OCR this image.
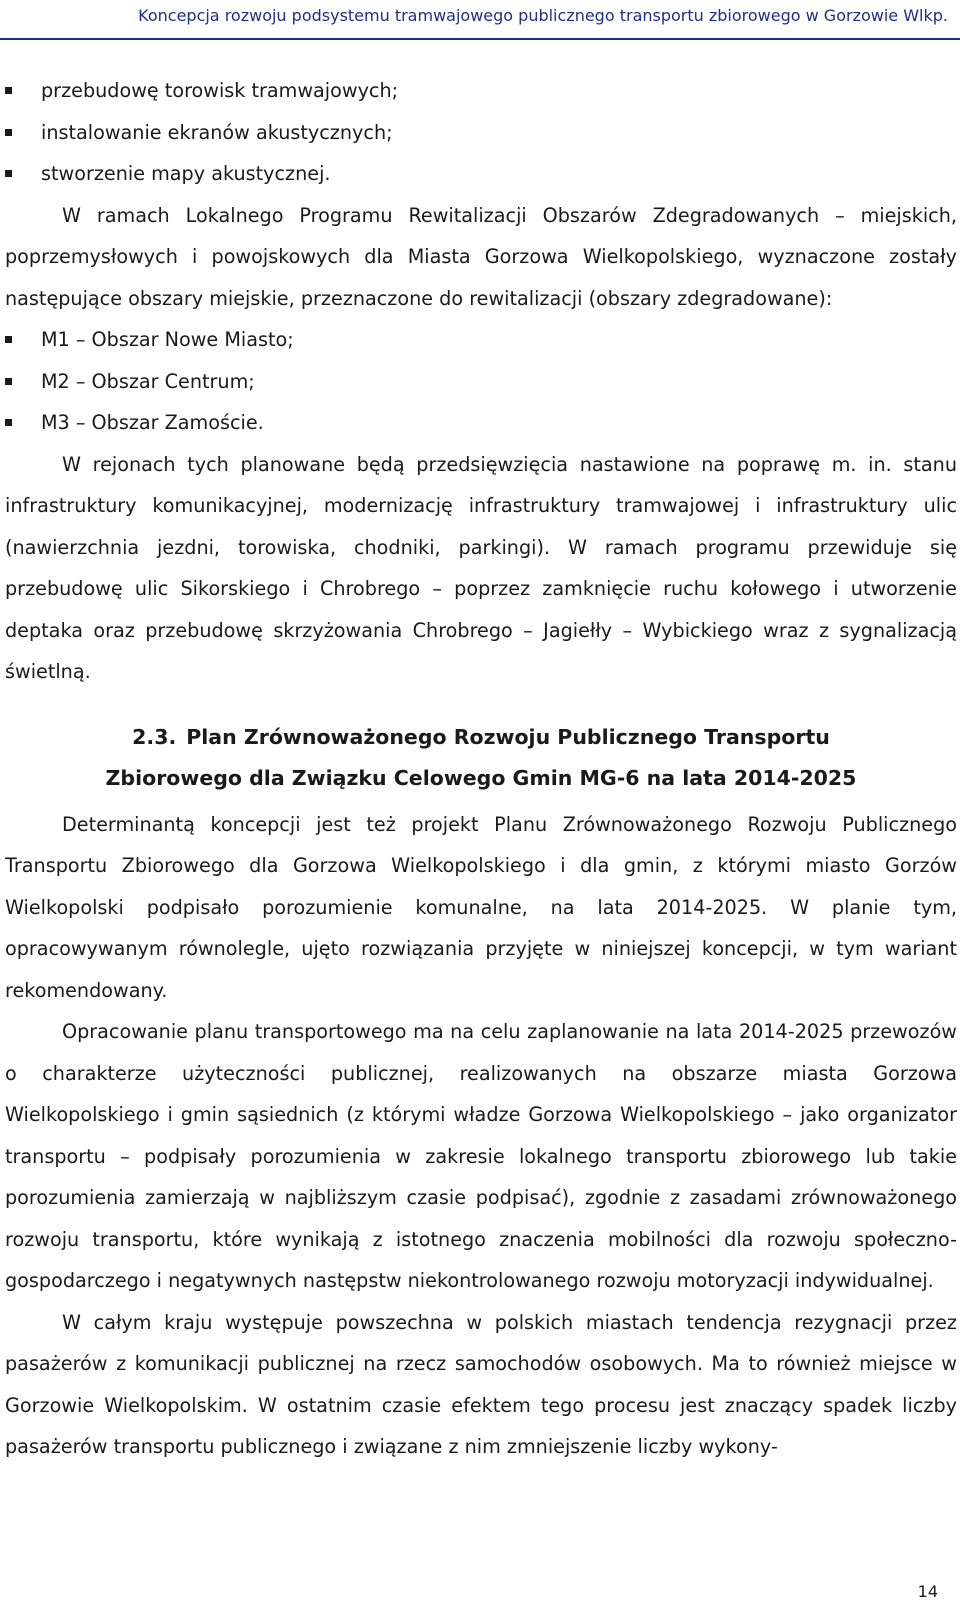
Koncepcja rozwoju podsystemu tramwajowego publicznego transportu zbiorowego w Gorzowie Wlkp.
przebudowę torowisk tramwajowych;
instalowanie ekranów akustycznych;
stworzenie mapy akustycznej.

W ramach Lokalnego Programu Rewitalizacji Obszarów Zdegradowanych – miejskich, poprzemysłowych i powojskowych dla Miasta Gorzowa Wielkopolskiego, wyznaczone zostały następujące obszary miejskie, przeznaczone do rewitalizacji (obszary zdegradowane):

M1 – Obszar Nowe Miasto;
M2 – Obszar Centrum;
M3 – Obszar Zamoście.

W rejonach tych planowane będą przedsięwzięcia nastawione na poprawę m. in. stanu infrastruktury komunikacyjnej, modernizację infrastruktury tramwajowej i infrastruktury ulic (nawierzchnia jezdni, torowiska, chodniki, parkingi). W ramach programu przewiduje się przebudowę ulic Sikorskiego i Chrobrego – poprzez zamknięcie ruchu kołowego i utworzenie deptaka oraz przebudowę skrzyżowania Chrobrego – Jagiełły – Wybickiego wraz z sygnalizacją świetlną.

2.3. Plan Zrównoważonego Rozwoju Publicznego Transportu
Zbiorowego dla Związku Celowego Gmin MG-6 na lata 2014-2025

Determinantą koncepcji jest też projekt Planu Zrównoważonego Rozwoju Publicznego Transportu Zbiorowego dla Gorzowa Wielkopolskiego i dla gmin, z którymi miasto Gorzów Wielkopolski podpisało porozumienie komunalne, na lata 2014-2025. W planie tym, opracowywanym równolegle, ujęto rozwiązania przyjęte w niniejszej koncepcji, w tym wariant rekomendowany.

Opracowanie planu transportowego ma na celu zaplanowanie na lata 2014-2025 przewozów o charakterze użyteczności publicznej, realizowanych na obszarze miasta Gorzowa Wielkopolskiego i gmin sąsiednich (z którymi władze Gorzowa Wielkopolskiego – jako organizator transportu – podpisały porozumienia w zakresie lokalnego transportu zbiorowego lub takie porozumienia zamierzają w najbliższym czasie podpisać), zgodnie z zasadami zrównoważonego rozwoju transportu, które wynikają z istotnego znaczenia mobilności dla rozwoju społeczno-gospodarczego i negatywnych następstw niekontrolowanego rozwoju motoryzacji indywidualnej.

W całym kraju występuje powszechna w polskich miastach tendencja rezygnacji przez pasażerów z komunikacji publicznej na rzecz samochodów osobowych. Ma to również miejsce w Gorzowie Wielkopolskim. W ostatnim czasie efektem tego procesu jest znaczący spadek liczby pasażerów transportu publicznego i związane z nim zmniejszenie liczby wykony-

14
